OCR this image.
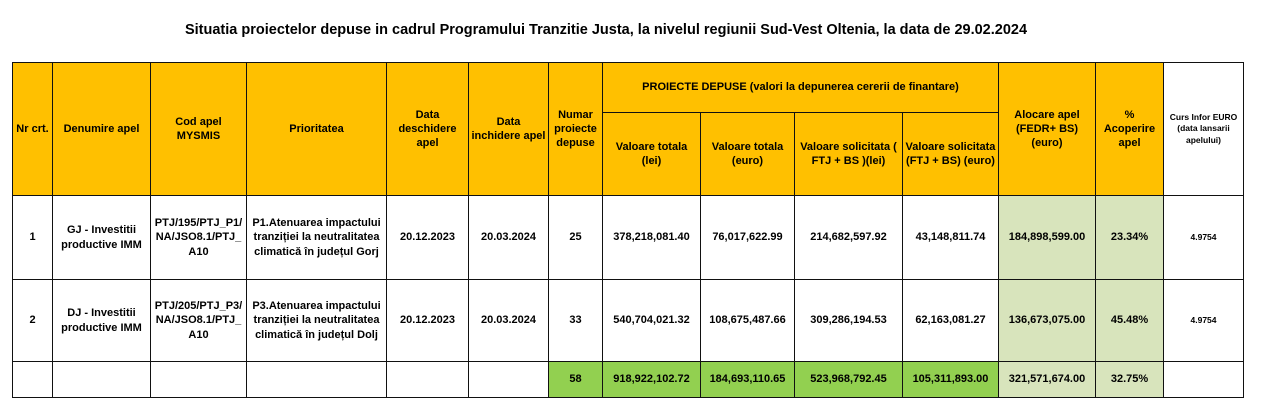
Situatia proiectelor depuse in cadrul Programului Tranzitie Justa, la nivelul regiunii Sud-Vest Oltenia, la data de 29.02.2024
Nr crt.	Denumire apel	Cod apel MYSMIS	Prioritatea	Data deschidere apel	Data inchidere apel	Numar proiecte depuse	PROIECTE DEPUSE (valori la depunerea cererii de finantare)				Alocare apel (FEDR+ BS) (euro)	% Acoperire apel	Curs Infor EURO (data lansarii apelului)
							Valoare totala (lei)	Valoare totala (euro)	Valoare solicitata ( FTJ + BS )(lei)	Valoare solicitata (FTJ + BS) (euro)			
1	GJ - Investitii productive IMM	PTJ/195/PTJ_P1/NA/JSO8.1/PTJ_A10	P1.Atenuarea impactului tranziției la neutralitatea climatică în județul Gorj	20.12.2023	20.03.2024	25	378,218,081.40	76,017,622.99	214,682,597.92	43,148,811.74	184,898,599.00	23.34%	4.9754
2	DJ - Investitii productive IMM	PTJ/205/PTJ_P3/NA/JSO8.1/PTJ_A10	P3.Atenuarea impactului tranziției la neutralitatea climatică în județul Dolj	20.12.2023	20.03.2024	33	540,704,021.32	108,675,487.66	309,286,194.53	62,163,081.27	136,673,075.00	45.48%	4.9754
						58	918,922,102.72	184,693,110.65	523,968,792.45	105,311,893.00	321,571,674.00	32.75%	
